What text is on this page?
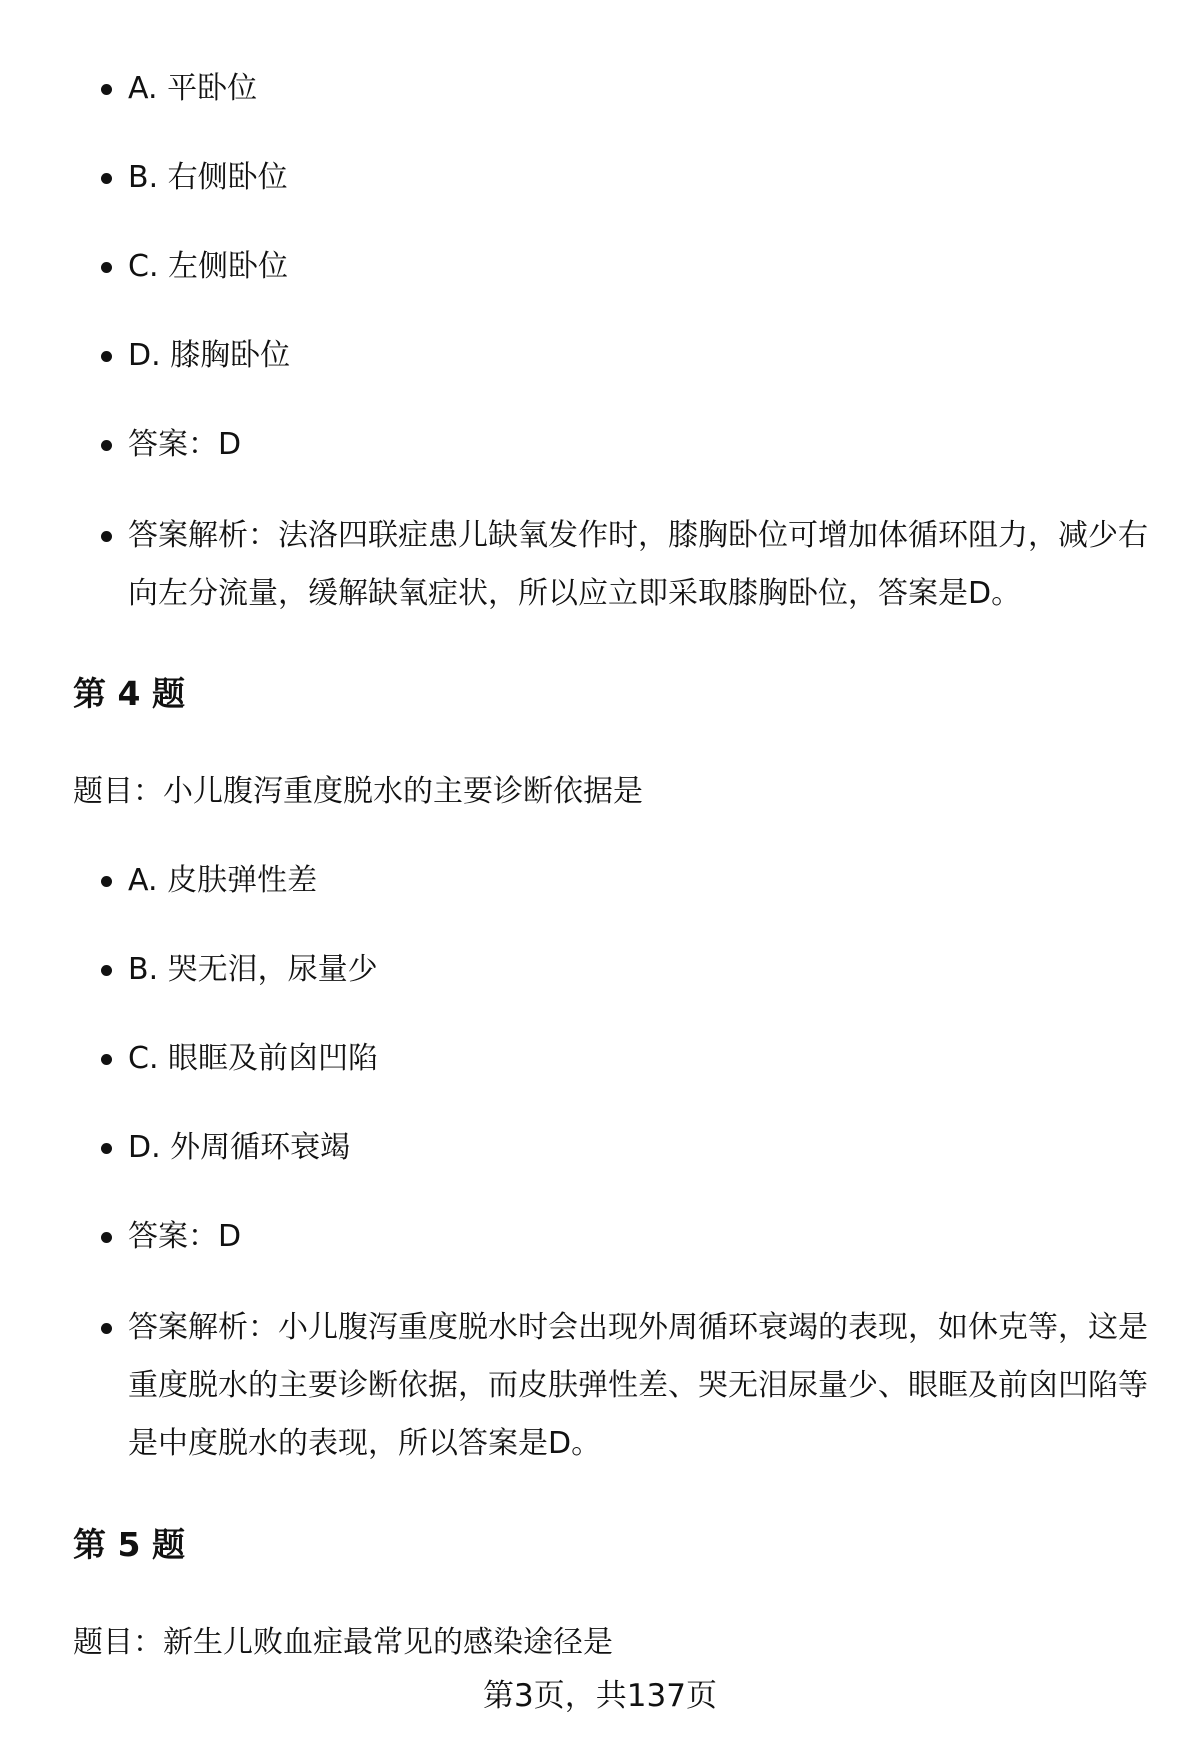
A. 平卧位
B. 右侧卧位
C. 左侧卧位
D. 膝胸卧位
答案：D
答案解析：法洛四联症患儿缺氧发作时，膝胸卧位可增加体循环阻力，减少右向左分流量，缓解缺氧症状，所以应立即采取膝胸卧位，答案是D。
第 4 题
题目：小儿腹泻重度脱水的主要诊断依据是
A. 皮肤弹性差
B. 哭无泪，尿量少
C. 眼眶及前囟凹陷
D. 外周循环衰竭
答案：D
答案解析：小儿腹泻重度脱水时会出现外周循环衰竭的表现，如休克等，这是重度脱水的主要诊断依据，而皮肤弹性差、哭无泪尿量少、眼眶及前囟凹陷等是中度脱水的表现，所以答案是D。
第 5 题
题目：新生儿败血症最常见的感染途径是
第3页，共137页
